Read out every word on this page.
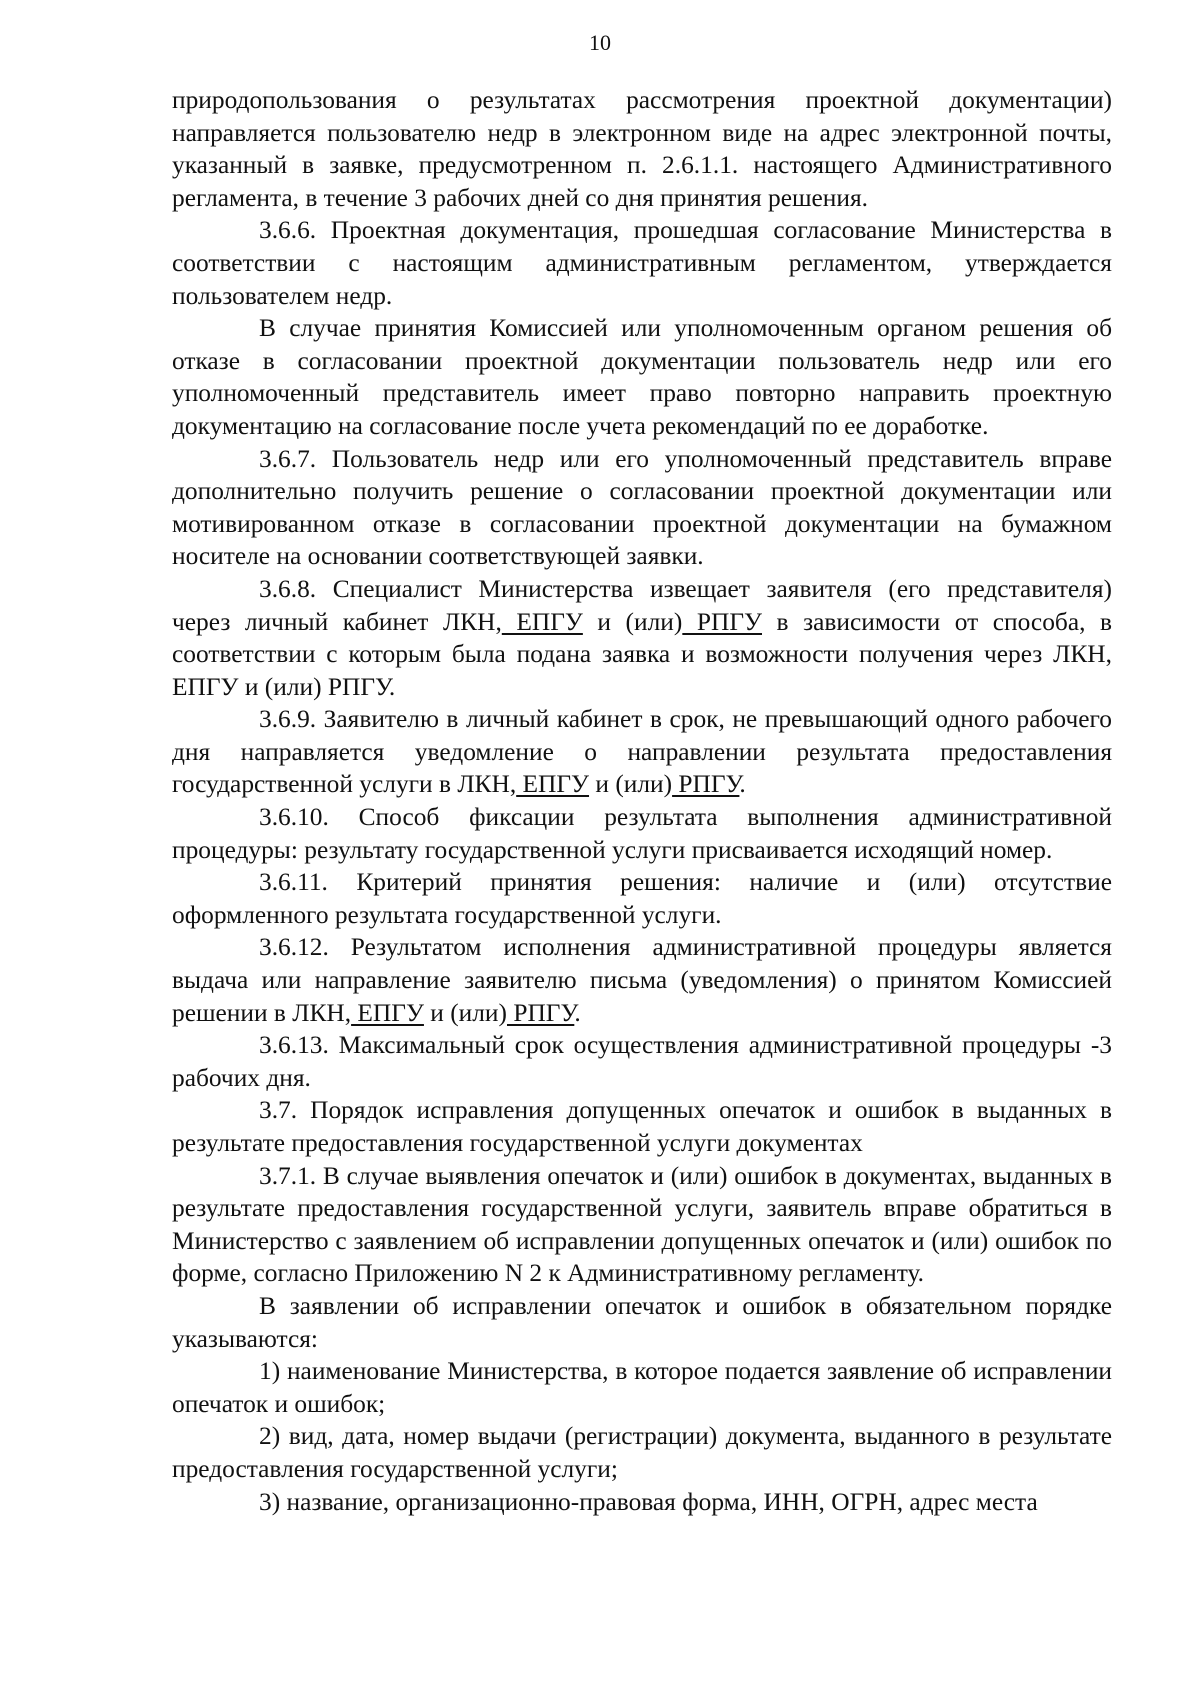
10

природопользования о результатах рассмотрения проектной документации) направляется пользователю недр в электронном виде на адрес электронной почты, указанный в заявке, предусмотренном п. 2.6.1.1. настоящего Административного регламента, в течение 3 рабочих дней со дня принятия решения.

3.6.6. Проектная документация, прошедшая согласование Министерства в соответствии с настоящим административным регламентом, утверждается пользователем недр.

В случае принятия Комиссией или уполномоченным органом решения об отказе в согласовании проектной документации пользователь недр или его уполномоченный представитель имеет право повторно направить проектную документацию на согласование после учета рекомендаций по ее доработке.

3.6.7. Пользователь недр или его уполномоченный представитель вправе дополнительно получить решение о согласовании проектной документации или мотивированном отказе в согласовании проектной документации на бумажном носителе на основании соответствующей заявки.

3.6.8. Специалист Министерства извещает заявителя (его представителя) через личный кабинет ЛКН, ЕПГУ и (или) РПГУ в зависимости от способа, в соответствии с которым была подана заявка и возможности получения через ЛКН, ЕПГУ и (или) РПГУ.

3.6.9. Заявителю в личный кабинет в срок, не превышающий одного рабочего дня направляется уведомление о направлении результата предоставления государственной услуги в ЛКН, ЕПГУ и (или) РПГУ.

3.6.10. Способ фиксации результата выполнения административной процедуры: результату государственной услуги присваивается исходящий номер.

3.6.11. Критерий принятия решения: наличие и (или) отсутствие оформленного результата государственной услуги.

3.6.12. Результатом исполнения административной процедуры является выдача или направление заявителю письма (уведомления) о принятом Комиссией решении в ЛКН, ЕПГУ и (или) РПГУ.

3.6.13. Максимальный срок осуществления административной процедуры -3 рабочих дня.

3.7. Порядок исправления допущенных опечаток и ошибок в выданных в результате предоставления государственной услуги документах

3.7.1. В случае выявления опечаток и (или) ошибок в документах, выданных в результате предоставления государственной услуги, заявитель вправе обратиться в Министерство с заявлением об исправлении допущенных опечаток и (или) ошибок по форме, согласно Приложению N 2 к Административному регламенту.

В заявлении об исправлении опечаток и ошибок в обязательном порядке указываются:

1) наименование Министерства, в которое подается заявление об исправлении опечаток и ошибок;

2) вид, дата, номер выдачи (регистрации) документа, выданного в результате предоставления государственной услуги;

3) название, организационно-правовая форма, ИНН, ОГРН, адрес места
